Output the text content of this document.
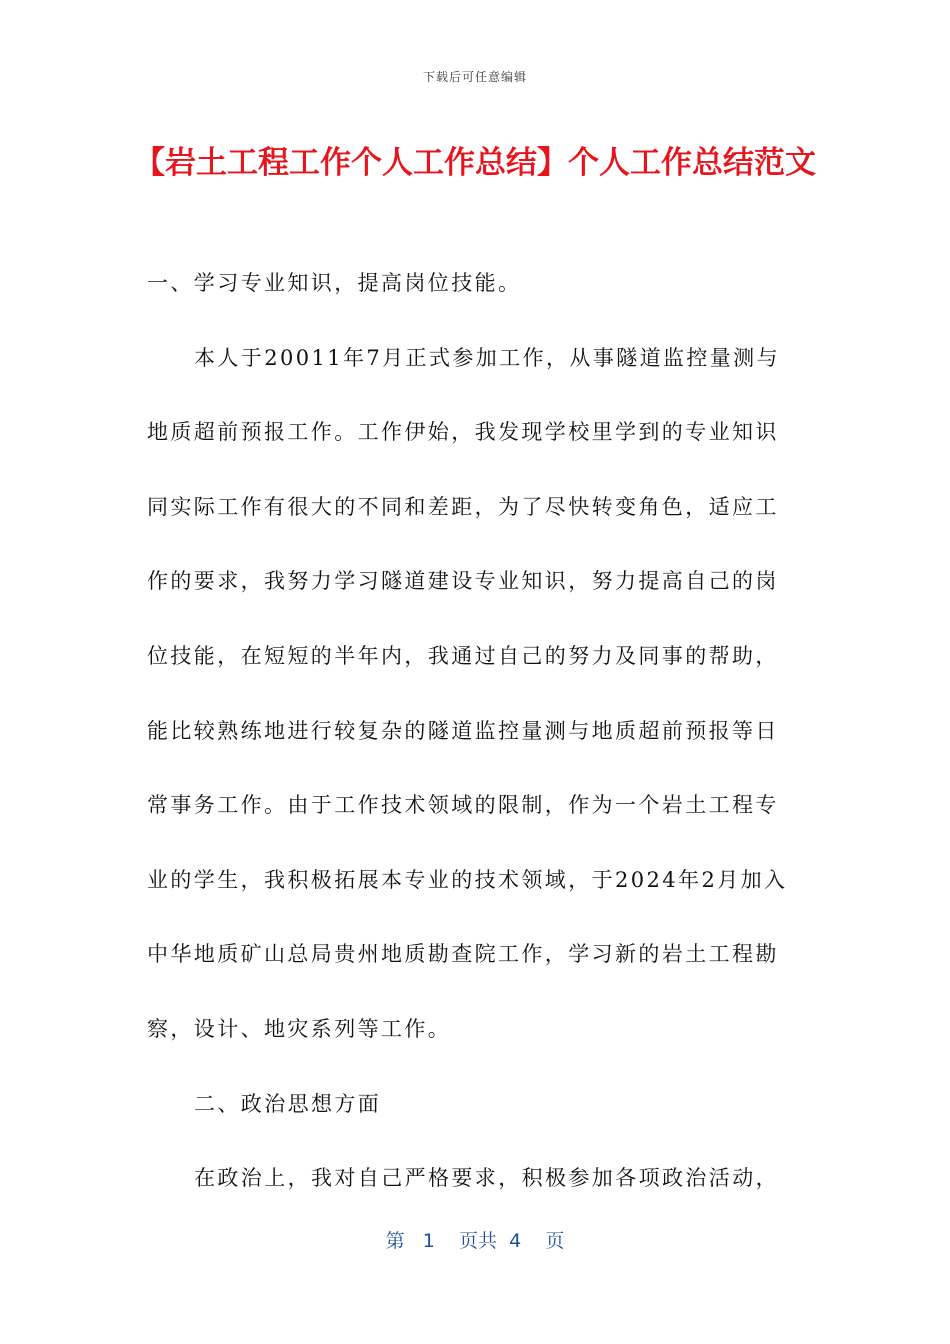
下载后可任意编辑
【岩土工程工作个人工作总结】个人工作总结范文

一、学习专业知识，提高岗位技能。

本人于20011年7月正式参加工作，从事隧道监控量测与地质超前预报工作。工作伊始，我发现学校里学到的专业知识同实际工作有很大的不同和差距，为了尽快转变角色，适应工作的要求，我努力学习隧道建设专业知识，努力提高自己的岗位技能，在短短的半年内，我通过自己的努力及同事的帮助，能比较熟练地进行较复杂的隧道监控量测与地质超前预报等日常事务工作。由于工作技术领域的限制，作为一个岩土工程专业的学生，我积极拓展本专业的技术领域，于2024年2月加入中华地质矿山总局贵州地质勘查院工作，学习新的岩土工程勘察，设计、地灾系列等工作。

二、政治思想方面

在政治上，我对自己严格要求，积极参加各项政治活动，

第   1    页共  4    页
